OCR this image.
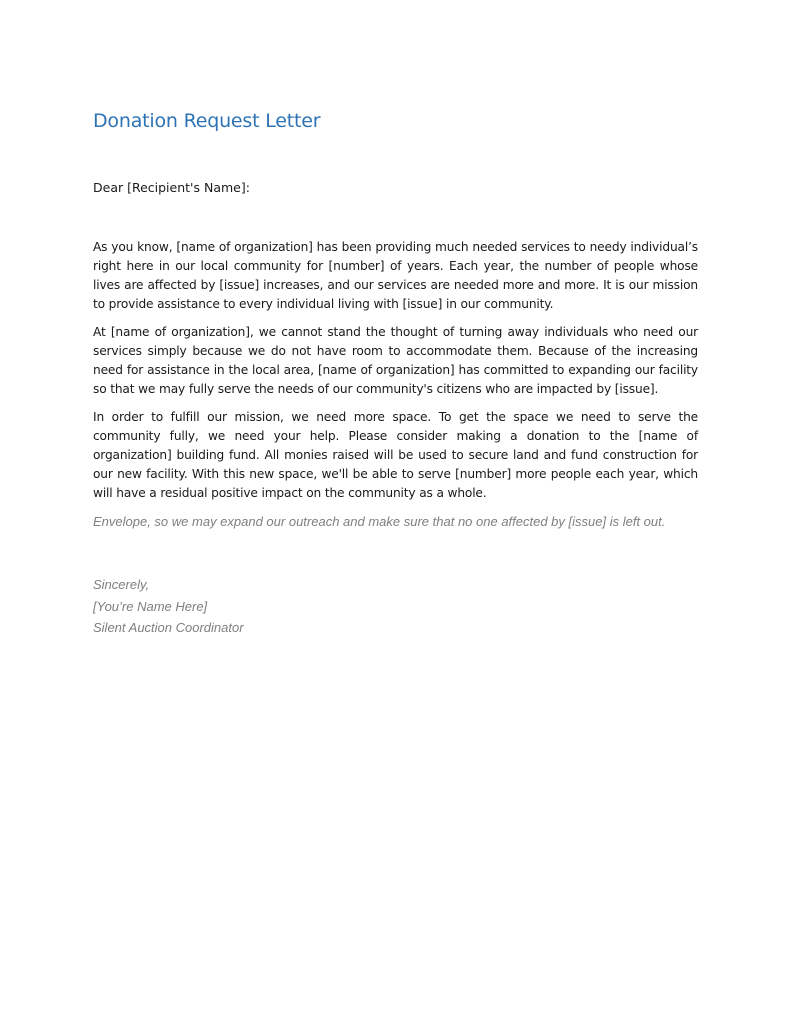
Donation Request Letter

Dear [Recipient's Name]:

As you know, [name of organization] has been providing much needed services to needy individual’s right here in our local community for [number] of years. Each year, the number of people whose lives are affected by [issue] increases, and our services are needed more and more. It is our mission to provide assistance to every individual living with [issue] in our community.

At [name of organization], we cannot stand the thought of turning away individuals who need our services simply because we do not have room to accommodate them. Because of the increasing need for assistance in the local area, [name of organization] has committed to expanding our facility so that we may fully serve the needs of our community's citizens who are impacted by [issue].

In order to fulfill our mission, we need more space. To get the space we need to serve the community fully, we need your help. Please consider making a donation to the [name of organization] building fund. All monies raised will be used to secure land and fund construction for our new facility. With this new space, we'll be able to serve [number] more people each year, which will have a residual positive impact on the community as a whole.

Envelope, so we may expand our outreach and make sure that no one affected by [issue] is left out.

Sincerely,
[You’re Name Here]
Silent Auction Coordinator
